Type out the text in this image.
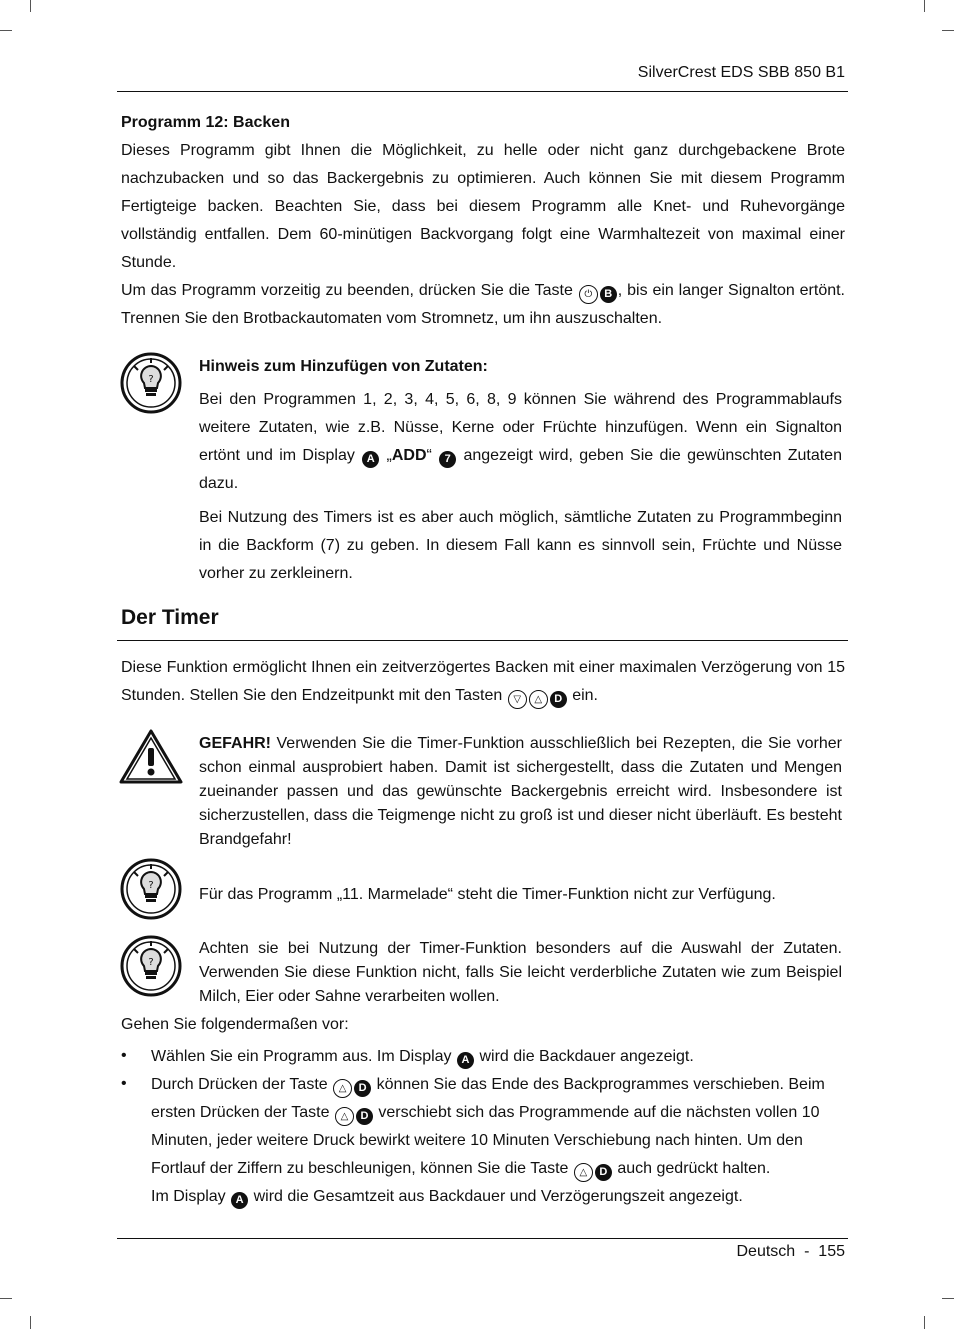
SilverCrest EDS SBB 850 B1
Programm 12: Backen
Dieses Programm gibt Ihnen die Möglichkeit, zu helle oder nicht ganz durchgebackene Brote nachzubacken und so das Backergebnis zu optimieren. Auch können Sie mit diesem Programm Fertigteige backen. Beachten Sie, dass bei diesem Programm alle Knet- und Ruhevorgänge vollständig entfallen. Dem 60-minütigen Backvorgang folgt eine Warmhaltezeit von maximal einer Stunde.
Um das Programm vorzeitig zu beenden, drücken Sie die Taste ⏻ B , bis ein langer Signalton ertönt. Trennen Sie den Brotbackautomaten vom Stromnetz, um ihn auszuschalten.
?
Hinweis zum Hinzufügen von Zutaten:
Bei den Programmen 1, 2, 3, 4, 5, 6, 8, 9 können Sie während des Programmablaufs weitere Zutaten, wie z.B. Nüsse, Kerne oder Früchte hinzufügen. Wenn ein Signalton ertönt und im Display A „ADD“ 7 angezeigt wird, geben Sie die gewünschten Zutaten dazu.
Bei Nutzung des Timers ist es aber auch möglich, sämtliche Zutaten zu Programmbeginn in die Backform (7) zu geben. In diesem Fall kann es sinnvoll sein, Früchte und Nüsse vorher zu zerkleinern.
Der Timer
Diese Funktion ermöglicht Ihnen ein zeitverzögertes Backen mit einer maximalen Verzögerung von 15 Stunden. Stellen Sie den Endzeitpunkt mit den Tasten ▽ △ D ein.
GEFAHR! Verwenden Sie die Timer-Funktion ausschließlich bei Rezepten, die Sie vorher schon einmal ausprobiert haben. Damit ist sichergestellt, dass die Zutaten und Mengen zueinander passen und das gewünschte Backergebnis erreicht wird. Insbesondere ist sicherzustellen, dass die Teigmenge nicht zu groß ist und dieser nicht überläuft. Es besteht Brandgefahr!
?
Für das Programm „11. Marmelade“ steht die Timer-Funktion nicht zur Verfügung.
?
Achten sie bei Nutzung der Timer-Funktion besonders auf die Auswahl der Zutaten. Verwenden Sie diese Funktion nicht, falls Sie leicht verderbliche Zutaten wie zum Beispiel Milch, Eier oder Sahne verarbeiten wollen.
Gehen Sie folgendermaßen vor:
• Wählen Sie ein Programm aus. Im Display A wird die Backdauer angezeigt.
• Durch Drücken der Taste △ D können Sie das Ende des Backprogrammes verschieben. Beim
ersten Drücken der Taste △ D verschiebt sich das Programmende auf die nächsten vollen 10
Minuten, jeder weitere Druck bewirkt weitere 10 Minuten Verschiebung nach hinten. Um den
Fortlauf der Ziffern zu beschleunigen, können Sie die Taste △ D auch gedrückt halten.
Im Display A wird die Gesamtzeit aus Backdauer und Verzögerungszeit angezeigt.
Deutsch  -  155
